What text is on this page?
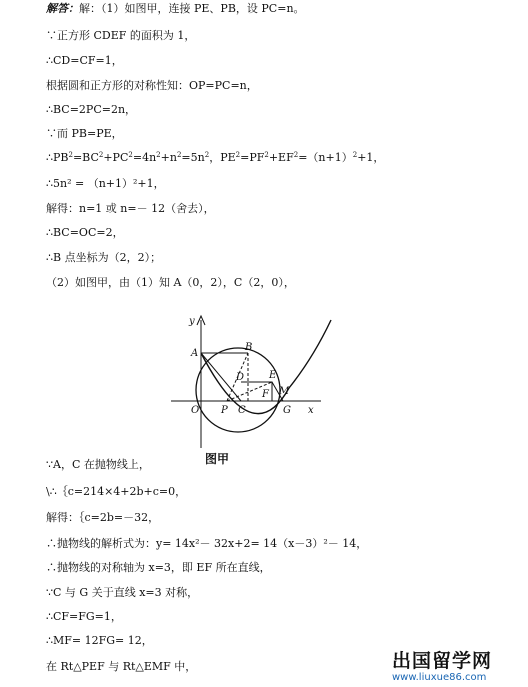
解答：解：（1）如图甲，连接 PE、PB，设 PC=n。
∵正方形 CDEF 的面积为 1，
∴CD=CF=1，
根据圆和正方形的对称性知：OP=PC=n，
∴BC=2PC=2n，
∵而 PB=PE，
$\therefore PB^2=BC^2+PC^2=4n^2+n^2=5n^2$，$PE^2=PF^2+EF^2=(n+1)^2+1$，
∴5n² = （n+1）²+1，
解得：n=1 或 n=－ 12（舍去），
∴BC=OC=2，
∴B 点坐标为（2，2）；
（2）如图甲，由（1）知 A（0，2），C（2，0），
y
A
B
D E
F M
O P C	G x
图甲
∵A，C 在抛物线上，
\∴｛c=214×4+2b+c=0，
解得：｛c=2b=－32，
∴抛物线的解析式为：y= 14x²－ 32x+2= 14（x－3）²－ 14，
∴抛物线的对称轴为 x=3，即 EF 所在直线，
∵C 与 G 关于直线 x=3 对称，
∴CF=FG=1，
∴MF= 12FG= 12，
在 Rt△PEF 与 Rt△EMF 中，	出国留学网
www.liuxue86.com
